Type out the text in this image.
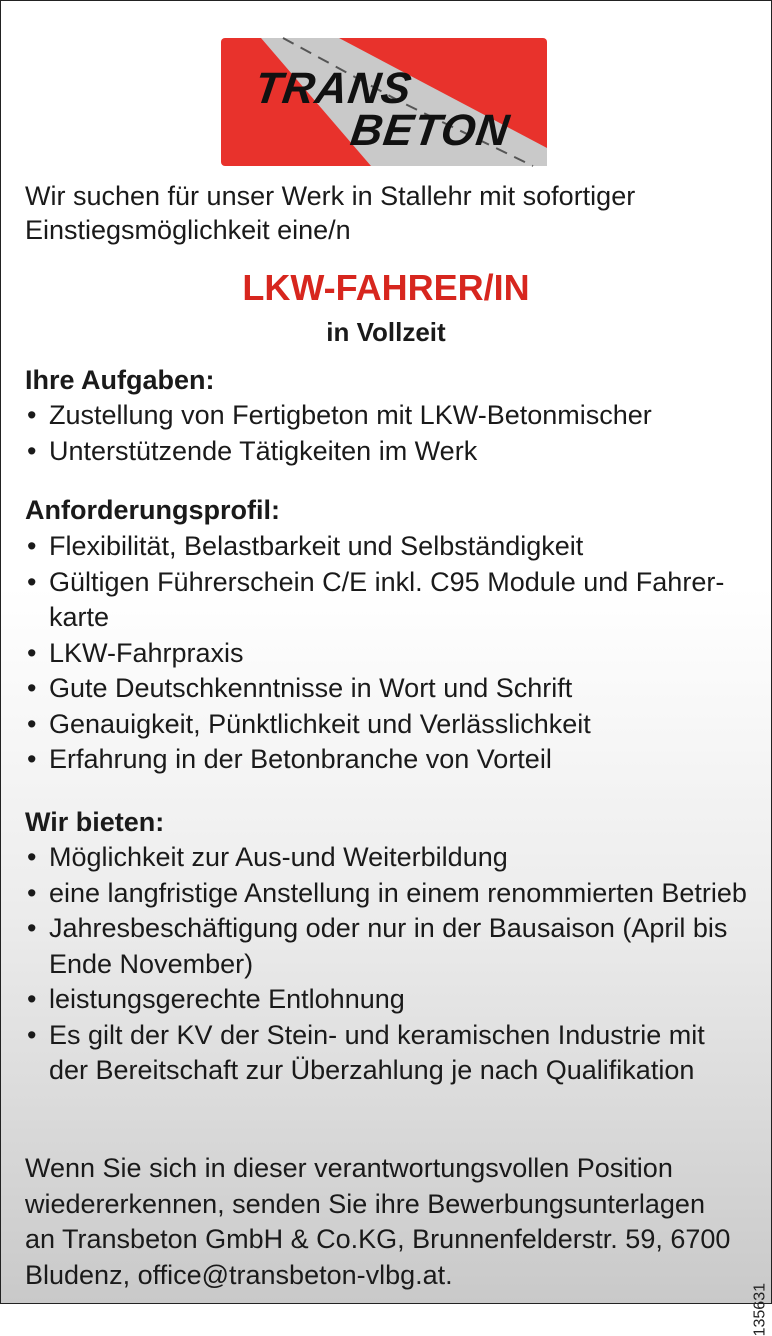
TRANS
BETON
Wir suchen für unser Werk in Stallehr mit sofortiger Einstiegsmöglichkeit eine/n
LKW-FAHRER/IN
in Vollzeit
Ihre Aufgaben:
• Zustellung von Fertigbeton mit LKW-Betonmischer
• Unterstützende Tätigkeiten im Werk
Anforderungsprofil:
• Flexibilität, Belastbarkeit und Selbständigkeit
• Gültigen Führerschein C/E inkl. C95 Module und Fahrer-karte
• LKW-Fahrpraxis
• Gute Deutschkenntnisse in Wort und Schrift
• Genauigkeit, Pünktlichkeit und Verlässlichkeit
• Erfahrung in der Betonbranche von Vorteil
Wir bieten:
• Möglichkeit zur Aus-und Weiterbildung
• eine langfristige Anstellung in einem renommierten Betrieb
• Jahresbeschäftigung oder nur in der Bausaison (April bis Ende November)
• leistungsgerechte Entlohnung
• Es gilt der KV der Stein- und keramischen Industrie mit der Bereitschaft zur Überzahlung je nach Qualifikation
Wenn Sie sich in dieser verantwortungsvollen Position wiedererkennen, senden Sie ihre Bewerbungsunterlagen an Transbeton GmbH & Co.KG, Brunnenfelderstr. 59, 6700 Bludenz, office@transbeton-vlbg.at.
135631
